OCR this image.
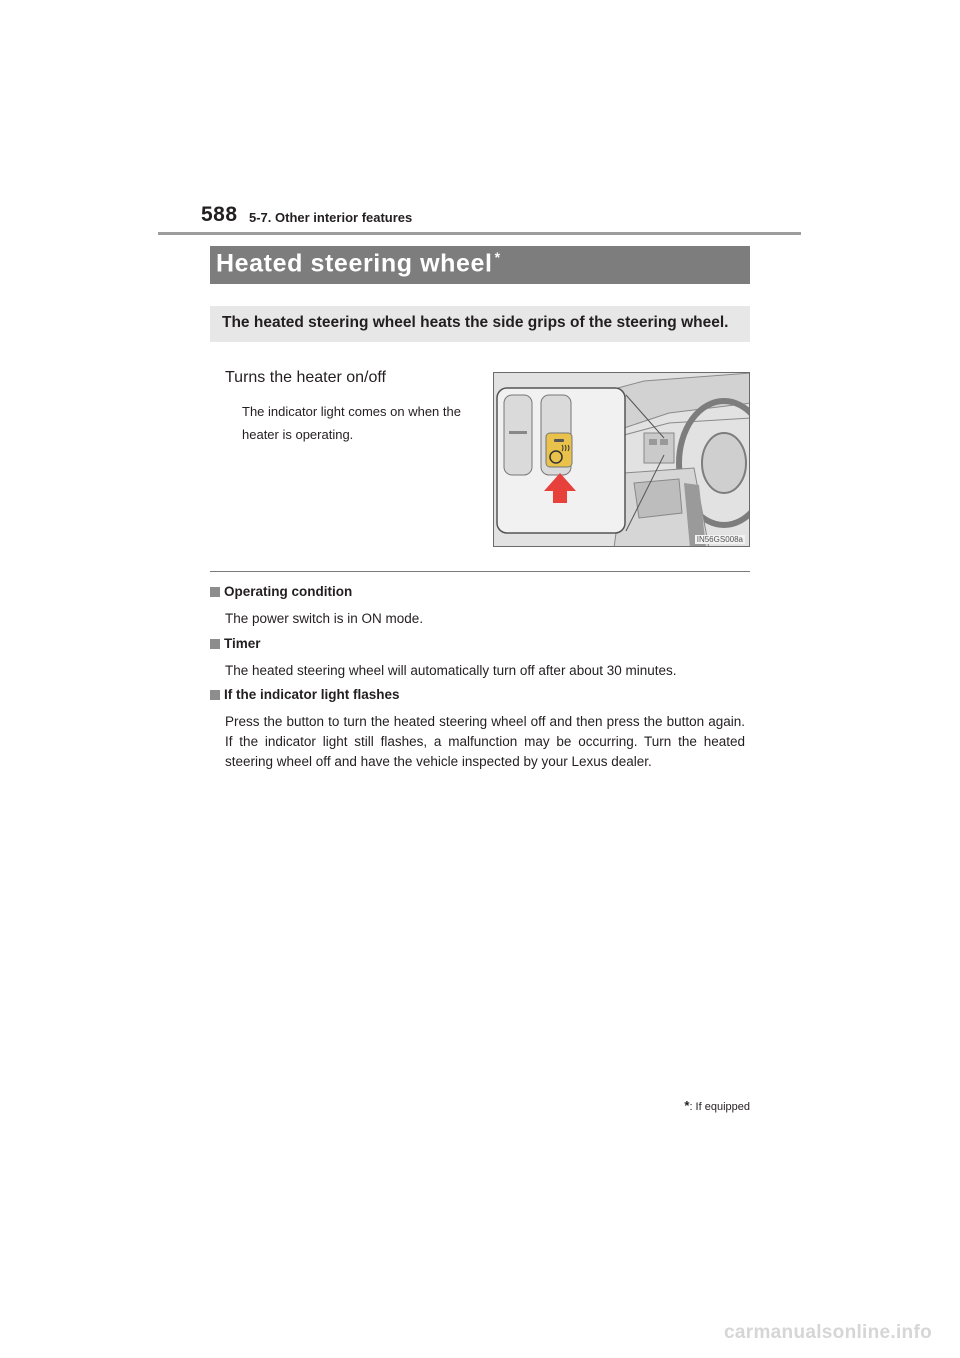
588 5-7. Other interior features
Heated steering wheel *
The heated steering wheel heats the side grips of the steering wheel.
Turns the heater on/off
The indicator light comes on when the heater is operating.
IN56GS008a
Operating condition
The power switch is in ON mode.
Timer
The heated steering wheel will automatically turn off after about 30 minutes.
If the indicator light flashes
Press the button to turn the heated steering wheel off and then press the button again. If the indicator light still flashes, a malfunction may be occurring. Turn the heated steering wheel off and have the vehicle inspected by your Lexus dealer.
*: If equipped
carmanualsonline.info
